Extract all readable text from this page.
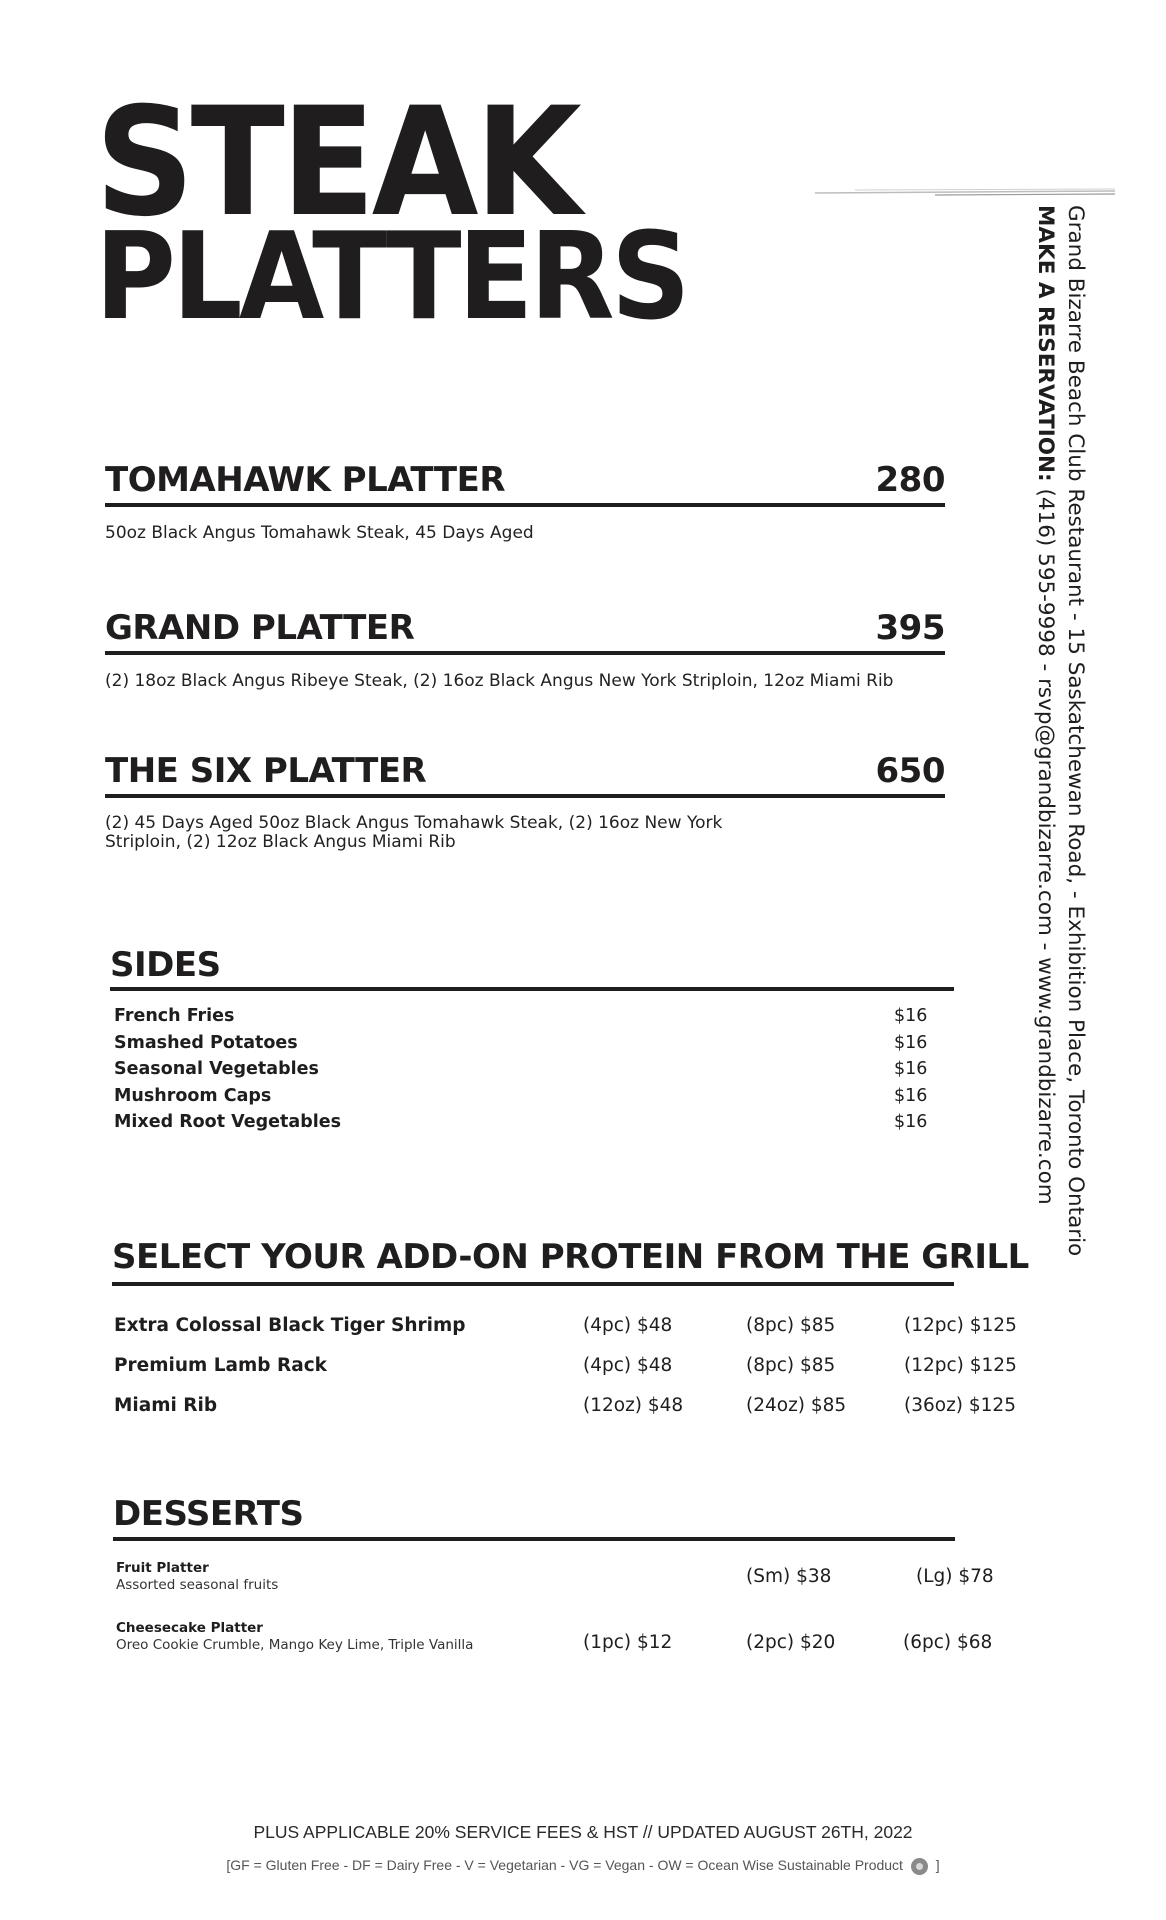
STEAK
PLATTERS	Grand Bizarre Beach Club Restaurant - 15 Saskatchewan Road, - Exhibition Place, Toronto Ontario
MAKE A RESERVATION: (416) 595-9998 - rsvp@grandbizarre.com - www.grandbizarre.com
TOMAHAWK PLATTER	280
50oz Black Angus Tomahawk Steak, 45 Days Aged
GRAND PLATTER	395
(2) 18oz Black Angus Ribeye Steak, (2) 16oz Black Angus New York Striploin, 12oz Miami Rib
THE SIX PLATTER	650
(2) 45 Days Aged 50oz Black Angus Tomahawk Steak, (2) 16oz New York
Striploin, (2) 12oz Black Angus Miami Rib
SIDES
French Fries	$16
Smashed Potatoes	$16
Seasonal Vegetables	$16
Mushroom Caps	$16
Mixed Root Vegetables	$16
SELECT YOUR ADD-ON PROTEIN FROM THE GRILL
Extra Colossal Black Tiger Shrimp	(4pc) $48	(8pc) $85	(12pc) $125
Premium Lamb Rack	(4pc) $48	(8pc) $85	(12pc) $125
Miami Rib	(12oz) $48	(24oz) $85	(36oz) $125
DESSERTS
Fruit Platter
Assorted seasonal fruits	(Sm) $38	(Lg) $78
Cheesecake Platter
Oreo Cookie Crumble, Mango Key Lime, Triple Vanilla	(1pc) $12	(2pc) $20	(6pc) $68
PLUS APPLICABLE 20% SERVICE FEES & HST // UPDATED AUGUST 26TH, 2022
[GF = Gluten Free - DF = Dairy Free - V = Vegetarian - VG = Vegan - OW = Ocean Wise Sustainable Product ]
